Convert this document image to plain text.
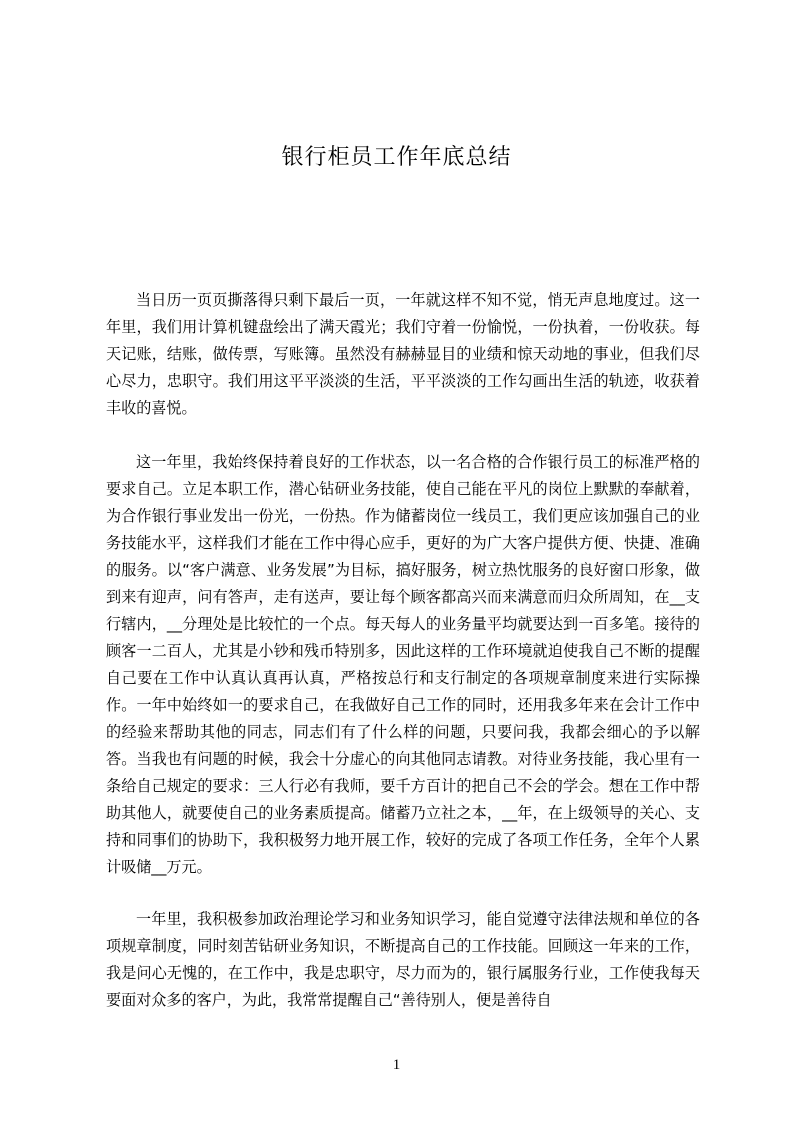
银行柜员工作年底总结

当日历一页页撕落得只剩下最后一页，一年就这样不知不觉，悄无声息地度过。这一年里，我们用计算机键盘绘出了满天霞光；我们守着一份愉悦，一份执着，一份收获。每天记账，结账，做传票，写账簿。虽然没有赫赫显目的业绩和惊天动地的事业，但我们尽心尽力，忠职守。我们用这平平淡淡的生活，平平淡淡的工作勾画出生活的轨迹，收获着丰收的喜悦。

这一年里，我始终保持着良好的工作状态，以一名合格的合作银行员工的标准严格的要求自己。立足本职工作，潜心钻研业务技能，使自己能在平凡的岗位上默默的奉献着，为合作银行事业发出一份光，一份热。作为储蓄岗位一线员工，我们更应该加强自己的业务技能水平，这样我们才能在工作中得心应手，更好的为广大客户提供方便、快捷、准确的服务。以“客户满意、业务发展”为目标，搞好服务，树立热忱服务的良好窗口形象，做到来有迎声，问有答声，走有送声，要让每个顾客都高兴而来满意而归众所周知，在__支行辖内，__分理处是比较忙的一个点。每天每人的业务量平均就要达到一百多笔。接待的顾客一二百人，尤其是小钞和残币特别多，因此这样的工作环境就迫使我自己不断的提醒自己要在工作中认真认真再认真，严格按总行和支行制定的各项规章制度来进行实际操作。一年中始终如一的要求自己，在我做好自己工作的同时，还用我多年来在会计工作中的经验来帮助其他的同志，同志们有了什么样的问题，只要问我，我都会细心的予以解答。当我也有问题的时候，我会十分虚心的向其他同志请教。对待业务技能，我心里有一条给自己规定的要求：三人行必有我师，要千方百计的把自己不会的学会。想在工作中帮助其他人，就要使自己的业务素质提高。储蓄乃立社之本，__年，在上级领导的关心、支持和同事们的协助下，我积极努力地开展工作，较好的完成了各项工作任务，全年个人累计吸储__万元。

一年里，我积极参加政治理论学习和业务知识学习，能自觉遵守法律法规和单位的各项规章制度，同时刻苦钻研业务知识，不断提高自己的工作技能。回顾这一年来的工作，我是问心无愧的，在工作中，我是忠职守，尽力而为的，银行属服务行业，工作使我每天要面对众多的客户，为此，我常常提醒自己“善待别人，便是善待自

1
